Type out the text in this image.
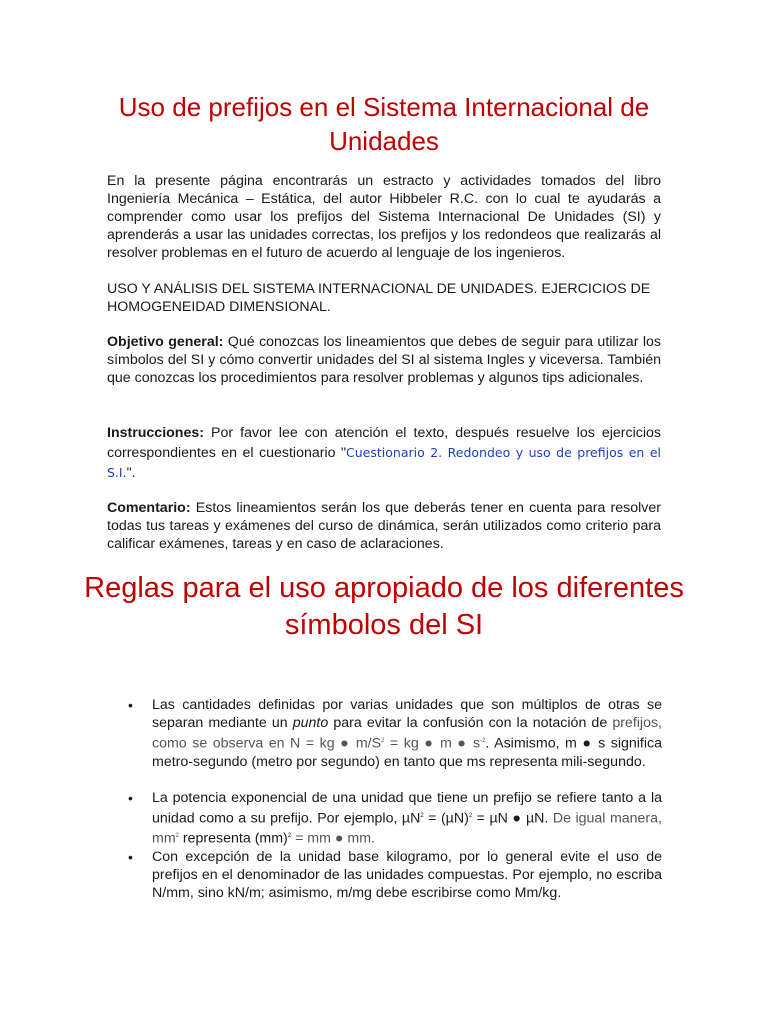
Uso de prefijos en el Sistema Internacional de Unidades
En la presente página encontrarás un estracto y actividades tomados del libro Ingeniería Mecánica – Estática, del autor Hibbeler R.C. con lo cual te ayudarás a comprender como usar los prefijos del Sistema Internacional De Unidades (SI) y aprenderás a usar las unidades correctas, los prefijos y los redondeos que realizarás al resolver problemas en el futuro de acuerdo al lenguaje de los ingenieros.
USO Y ANÁLISIS DEL SISTEMA INTERNACIONAL DE UNIDADES. EJERCICIOS DE HOMOGENEIDAD DIMENSIONAL.
Objetivo general: Qué conozcas los lineamientos que debes de seguir para utilizar los símbolos del SI y cómo convertir unidades del SI al sistema Ingles y viceversa. También que conozcas los procedimientos para resolver problemas y algunos tips adicionales.
Instrucciones: Por favor lee con atención el texto, después resuelve los ejercicios correspondientes en el cuestionario "Cuestionario 2. Redondeo y uso de prefijos en el S.I.".
Comentario: Estos lineamientos serán los que deberás tener en cuenta para resolver todas tus tareas y exámenes del curso de dinámica, serán utilizados como criterio para calificar exámenes, tareas y en caso de aclaraciones.
Reglas para el uso apropiado de los diferentes símbolos del SI
• Las cantidades definidas por varias unidades que son múltiplos de otras se separan mediante un punto para evitar la confusión con la notación de prefijos, como se observa en N = kg ● $m/S^2$ = kg ● m ● $s^{-2}$. Asimismo, m ● s significa metro-segundo (metro por segundo) en tanto que ms representa mili-segundo.
• La potencia exponencial de una unidad que tiene un prefijo se refiere tanto a la unidad como a su prefijo. Por ejemplo, $\mu N^2 = (\mu N)^2 = \mu N$ ● µN. De igual manera, $mm^2$ representa (mm)$^2$ = mm ● mm.
• Con excepción de la unidad base kilogramo, por lo general evite el uso de prefijos en el denominador de las unidades compuestas. Por ejemplo, no escriba N/mm, sino kN/m; asimismo, m/mg debe escribirse como Mm/kg.
